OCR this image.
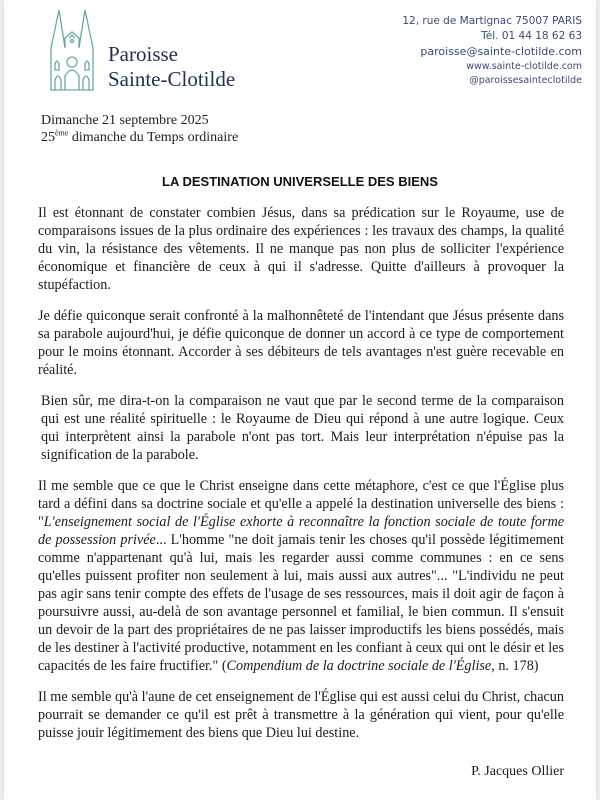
Paroisse
Sainte-Clotilde
12, rue de Martignac 75007 PARIS
Tél. 01 44 18 62 63
paroisse@sainte-clotilde.com
www.sainte-clotilde.com
@paroissesainteclotilde
Dimanche 21 septembre 2025
25ème dimanche du Temps ordinaire
LA DESTINATION UNIVERSELLE DES BIENS

Il est étonnant de constater combien Jésus, dans sa prédication sur le Royaume, use de comparaisons issues de la plus ordinaire des expériences : les travaux des champs, la qualité du vin, la résistance des vêtements. Il ne manque pas non plus de solliciter l'expérience économique et financière de ceux à qui il s'adresse. Quitte d'ailleurs à provoquer la stupéfaction.

Je défie quiconque serait confronté à la malhonnêteté de l'intendant que Jésus présente dans sa parabole aujourd'hui, je défie quiconque de donner un accord à ce type de comportement pour le moins étonnant. Accorder à ses débiteurs de tels avantages n'est guère recevable en réalité.

Bien sûr, me dira-t-on la comparaison ne vaut que par le second terme de la comparaison qui est une réalité spirituelle : le Royaume de Dieu qui répond à une autre logique. Ceux qui interprètent ainsi la parabole n'ont pas tort. Mais leur interprétation n'épuise pas la signification de la parabole.

Il me semble que ce que le Christ enseigne dans cette métaphore, c'est ce que l'Église plus tard a défini dans sa doctrine sociale et qu'elle a appelé la destination universelle des biens : "L'enseignement social de l'Église exhorte à reconnaître la fonction sociale de toute forme de possession privée... L'homme "ne doit jamais tenir les choses qu'il possède légitimement comme n'appartenant qu'à lui, mais les regarder aussi comme communes : en ce sens qu'elles puissent profiter non seulement à lui, mais aussi aux autres"... "L'individu ne peut pas agir sans tenir compte des effets de l'usage de ses ressources, mais il doit agir de façon à poursuivre aussi, au-delà de son avantage personnel et familial, le bien commun. Il s'ensuit un devoir de la part des propriétaires de ne pas laisser improductifs les biens possédés, mais de les destiner à l'activité productive, notamment en les confiant à ceux qui ont le désir et les capacités de les faire fructifier." (Compendium de la doctrine sociale de l'Église, n. 178)

Il me semble qu'à l'aune de cet enseignement de l'Église qui est aussi celui du Christ, chacun pourrait se demander ce qu'il est prêt à transmettre à la génération qui vient, pour qu'elle puisse jouir légitimement des biens que Dieu lui destine.

P. Jacques Ollier
